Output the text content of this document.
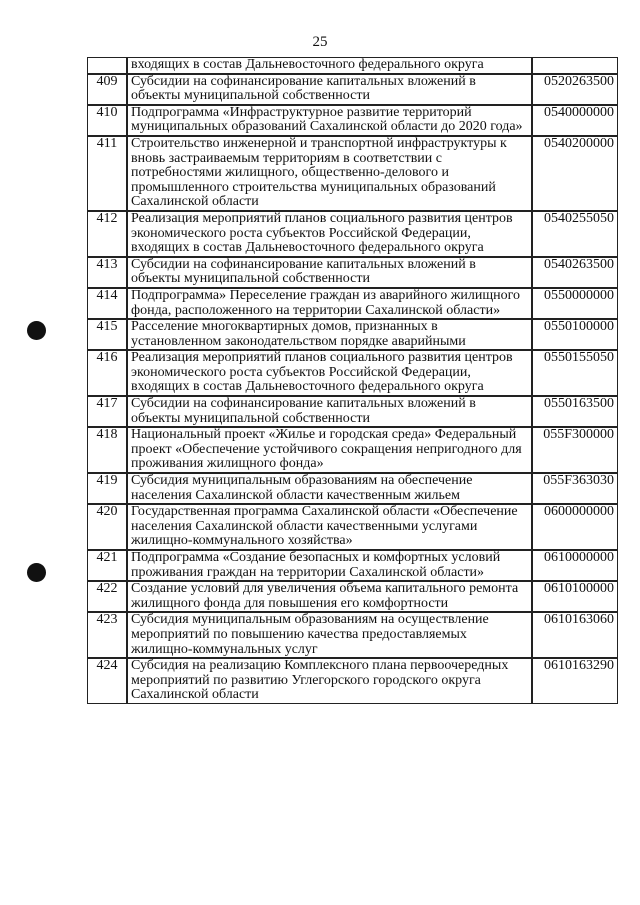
25
	входящих в состав Дальневосточного федерального округа	
409	Субсидии на софинансирование капитальных вложений в объекты муниципальной собственности	0520263500
410	Подпрограмма «Инфраструктурное развитие территорий муниципальных образований Сахалинской области до 2020 года»	0540000000
411	Строительство инженерной и транспортной инфраструктуры к вновь застраиваемым территориям в соответствии с потребностями жилищного, общественно-делового и промышленного строительства муниципальных образований Сахалинской области	0540200000
412	Реализация мероприятий планов социального развития центров экономического роста субъектов Российской Федерации, входящих в состав Дальневосточного федерального округа	0540255050
413	Субсидии на софинансирование капитальных вложений в объекты муниципальной собственности	0540263500
414	Подпрограмма» Переселение граждан из аварийного жилищного фонда, расположенного на территории Сахалинской области»	0550000000
415	Расселение многоквартирных домов, признанных в установленном законодательством порядке аварийными	0550100000
416	Реализация мероприятий планов социального развития центров экономического роста субъектов Российской Федерации, входящих в состав Дальневосточного федерального округа	0550155050
417	Субсидии на софинансирование капитальных вложений в объекты муниципальной собственности	0550163500
418	Национальный проект «Жилье и городская среда» Федеральный проект «Обеспечение устойчивого сокращения непригодного для проживания жилищного фонда»	055F300000
419	Субсидия муниципальным образованиям на обеспечение населения Сахалинской области качественным жильем	055F363030
420	Государственная программа Сахалинской области «Обеспечение населения Сахалинской области качественными услугами жилищно-коммунального хозяйства»	0600000000
421	Подпрограмма «Создание безопасных и комфортных условий проживания граждан на территории Сахалинской области»	0610000000
422	Создание условий для увеличения объема капитального ремонта жилищного фонда для повышения его комфортности	0610100000
423	Субсидия муниципальным образованиям на осуществление мероприятий по повышению качества предоставляемых жилищно-коммунальных услуг	0610163060
424	Субсидия на реализацию Комплексного плана первоочередных мероприятий по развитию Углегорского городского округа Сахалинской области	0610163290
